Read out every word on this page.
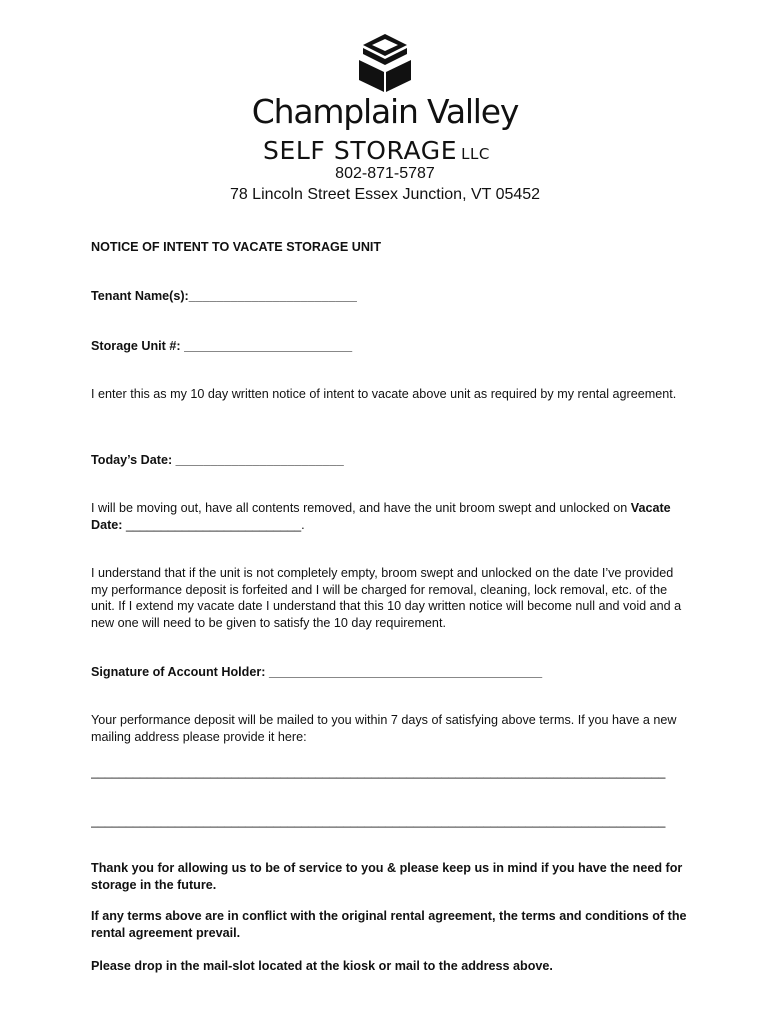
Champlain Valley
SELF STORAGE LLC
802-871-5787
78 Lincoln Street Essex Junction, VT 05452
NOTICE OF INTENT TO VACATE STORAGE UNIT
Tenant Name(s):________________________
Storage Unit #: ________________________
I enter this as my 10 day written notice of intent to vacate above unit as required by my rental agreement.
Today’s Date: ________________________
I will be moving out, have all contents removed, and have the unit broom swept and unlocked on Vacate Date: _________________________.
I understand that if the unit is not completely empty, broom swept and unlocked on the date I’ve provided my performance deposit is forfeited and I will be charged for removal, cleaning, lock removal, etc. of the unit. If I extend my vacate date I understand that this 10 day written notice will become null and void and a new one will need to be given to satisfy the 10 day requirement.
Signature of Account Holder: _______________________________________
Your performance deposit will be mailed to you within 7 days of satisfying above terms. If you have a new mailing address please provide it here:
__________________________________________________________________________________
__________________________________________________________________________________
Thank you for allowing us to be of service to you & please keep us in mind if you have the need for storage in the future.
If any terms above are in conflict with the original rental agreement, the terms and conditions of the rental agreement prevail.
Please drop in the mail-slot located at the kiosk or mail to the address above.
